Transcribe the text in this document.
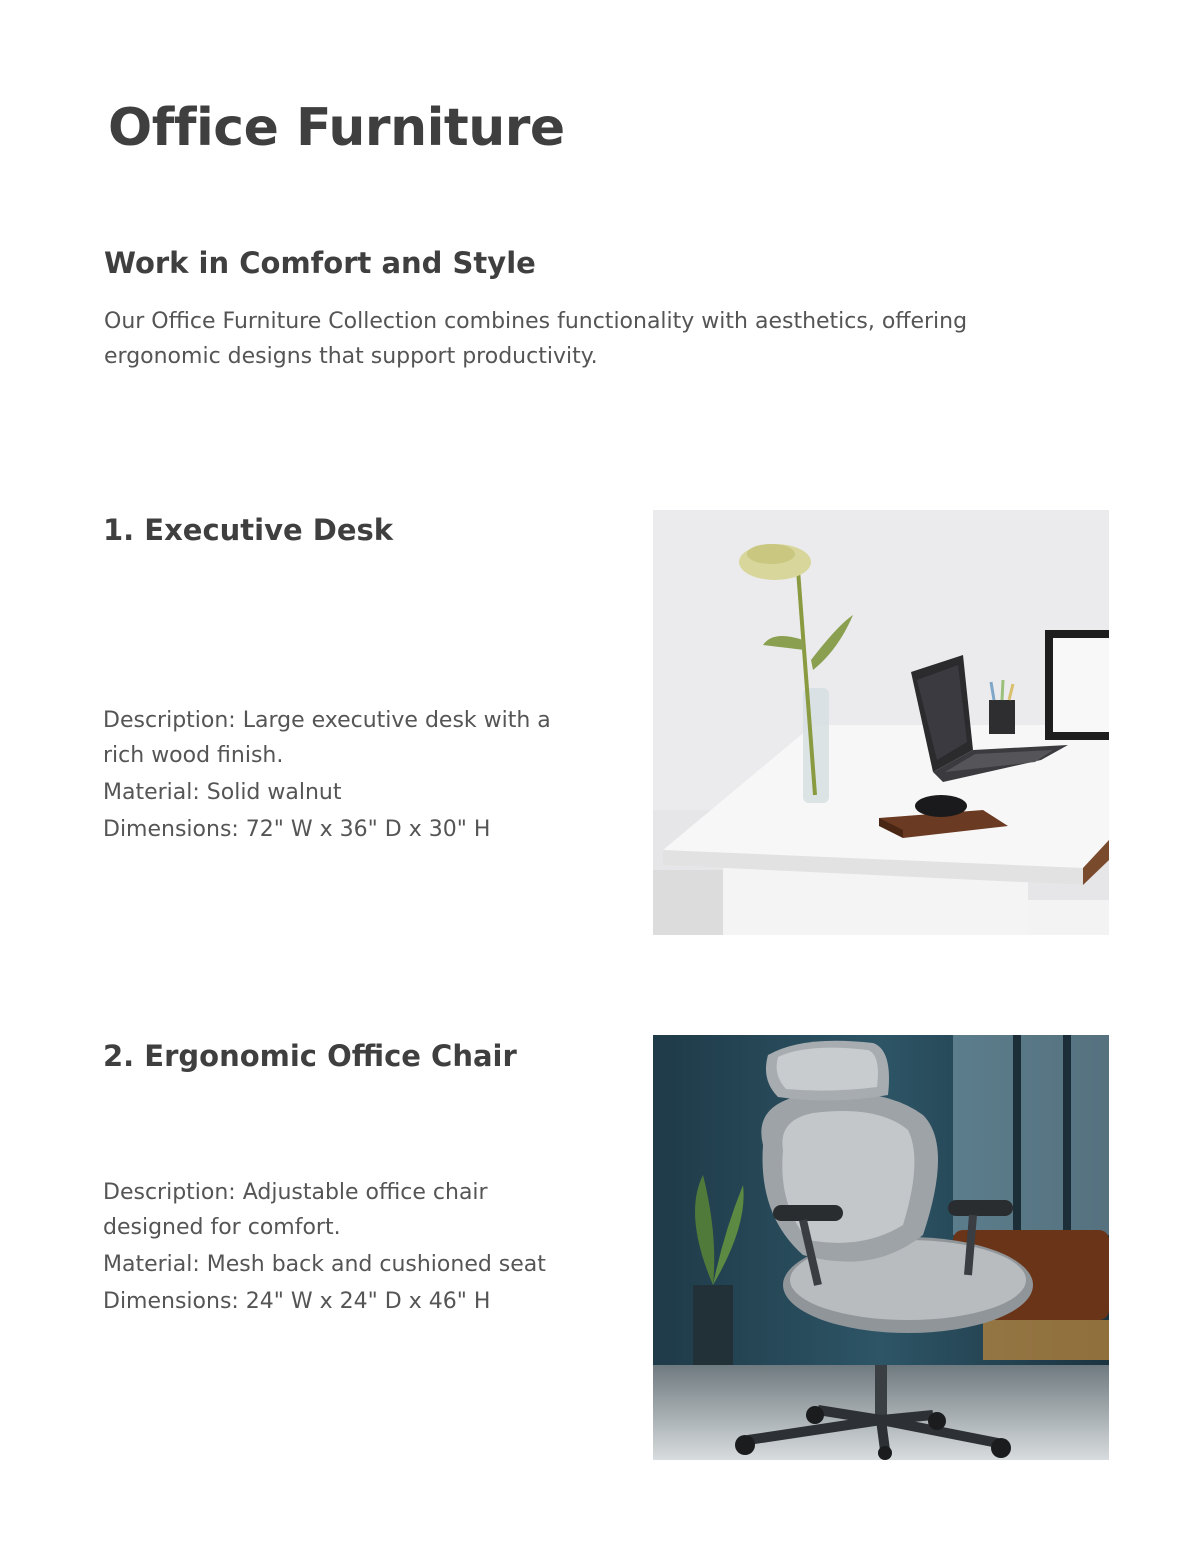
Office Furniture
Work in Comfort and Style

Our Office Furniture Collection combines functionality with aesthetics, offering ergonomic designs that support productivity.

1. Executive Desk
Description: Large executive desk with a rich wood finish.
Material: Solid walnut
Dimensions: 72" W x 36" D x 30" H
2. Ergonomic Office Chair
Description: Adjustable office chair designed for comfort.
Material: Mesh back and cushioned seat
Dimensions: 24" W x 24" D x 46" H
